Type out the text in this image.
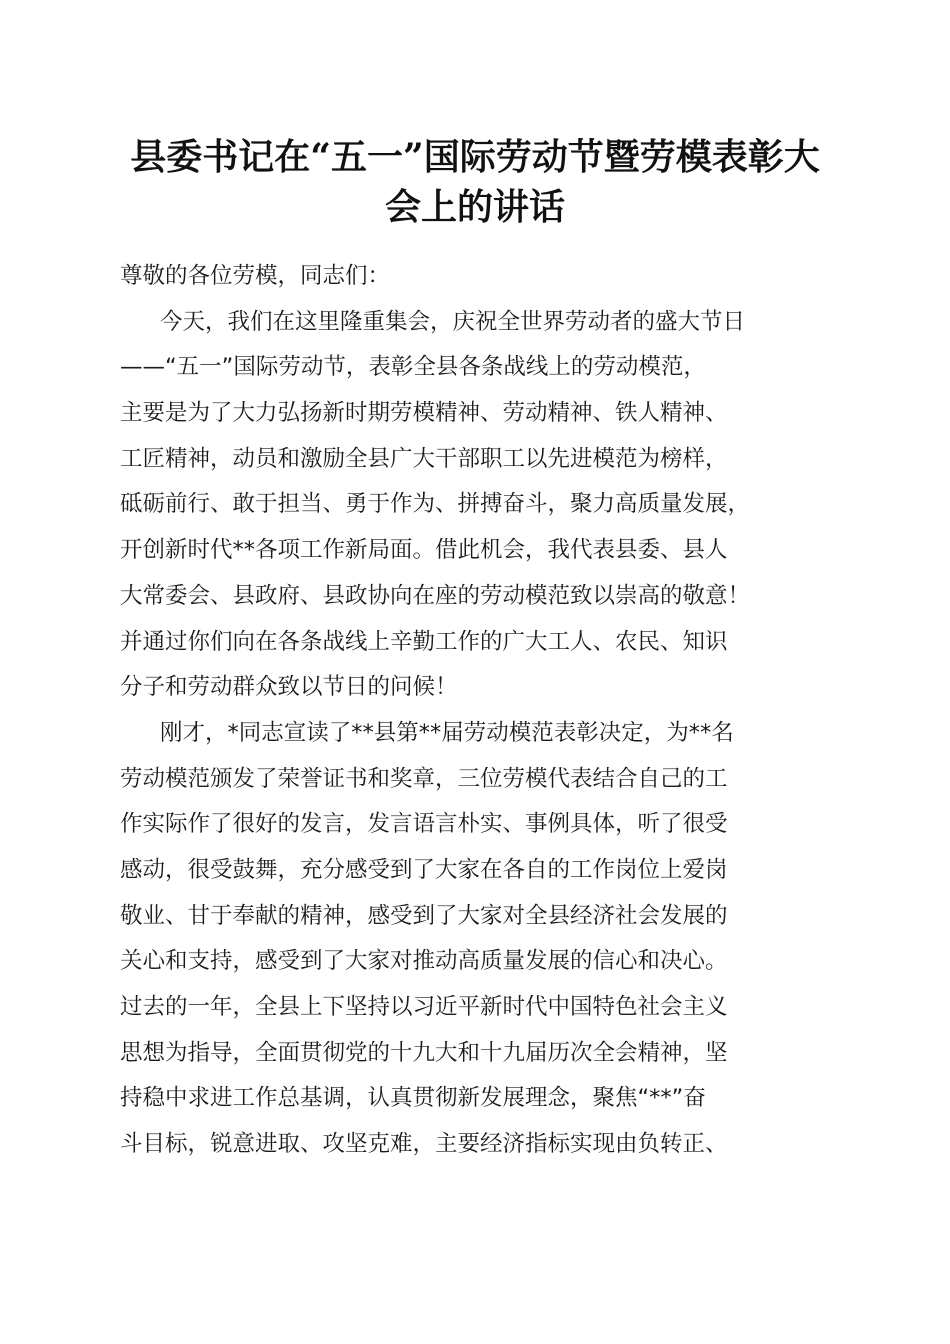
县委书记在“五一”国际劳动节暨劳模表彰大
会上的讲话
尊敬的各位劳模，同志们：
今天，我们在这里隆重集会，庆祝全世界劳动者的盛大节日
——“五一”国际劳动节，表彰全县各条战线上的劳动模范，
主要是为了大力弘扬新时期劳模精神、劳动精神、铁人精神、
工匠精神，动员和激励全县广大干部职工以先进模范为榜样，
砥砺前行、敢于担当、勇于作为、拼搏奋斗，聚力高质量发展，
开创新时代**各项工作新局面。借此机会，我代表县委、县人
大常委会、县政府、县政协向在座的劳动模范致以崇高的敬意！
并通过你们向在各条战线上辛勤工作的广大工人、农民、知识
分子和劳动群众致以节日的问候！
刚才，*同志宣读了**县第**届劳动模范表彰决定，为**名
劳动模范颁发了荣誉证书和奖章，三位劳模代表结合自己的工
作实际作了很好的发言，发言语言朴实、事例具体，听了很受
感动，很受鼓舞，充分感受到了大家在各自的工作岗位上爱岗
敬业、甘于奉献的精神，感受到了大家对全县经济社会发展的
关心和支持，感受到了大家对推动高质量发展的信心和决心。
过去的一年，全县上下坚持以习近平新时代中国特色社会主义
思想为指导，全面贯彻党的十九大和十九届历次全会精神，坚
持稳中求进工作总基调，认真贯彻新发展理念，聚焦“**”奋
斗目标，锐意进取、攻坚克难，主要经济指标实现由负转正、
